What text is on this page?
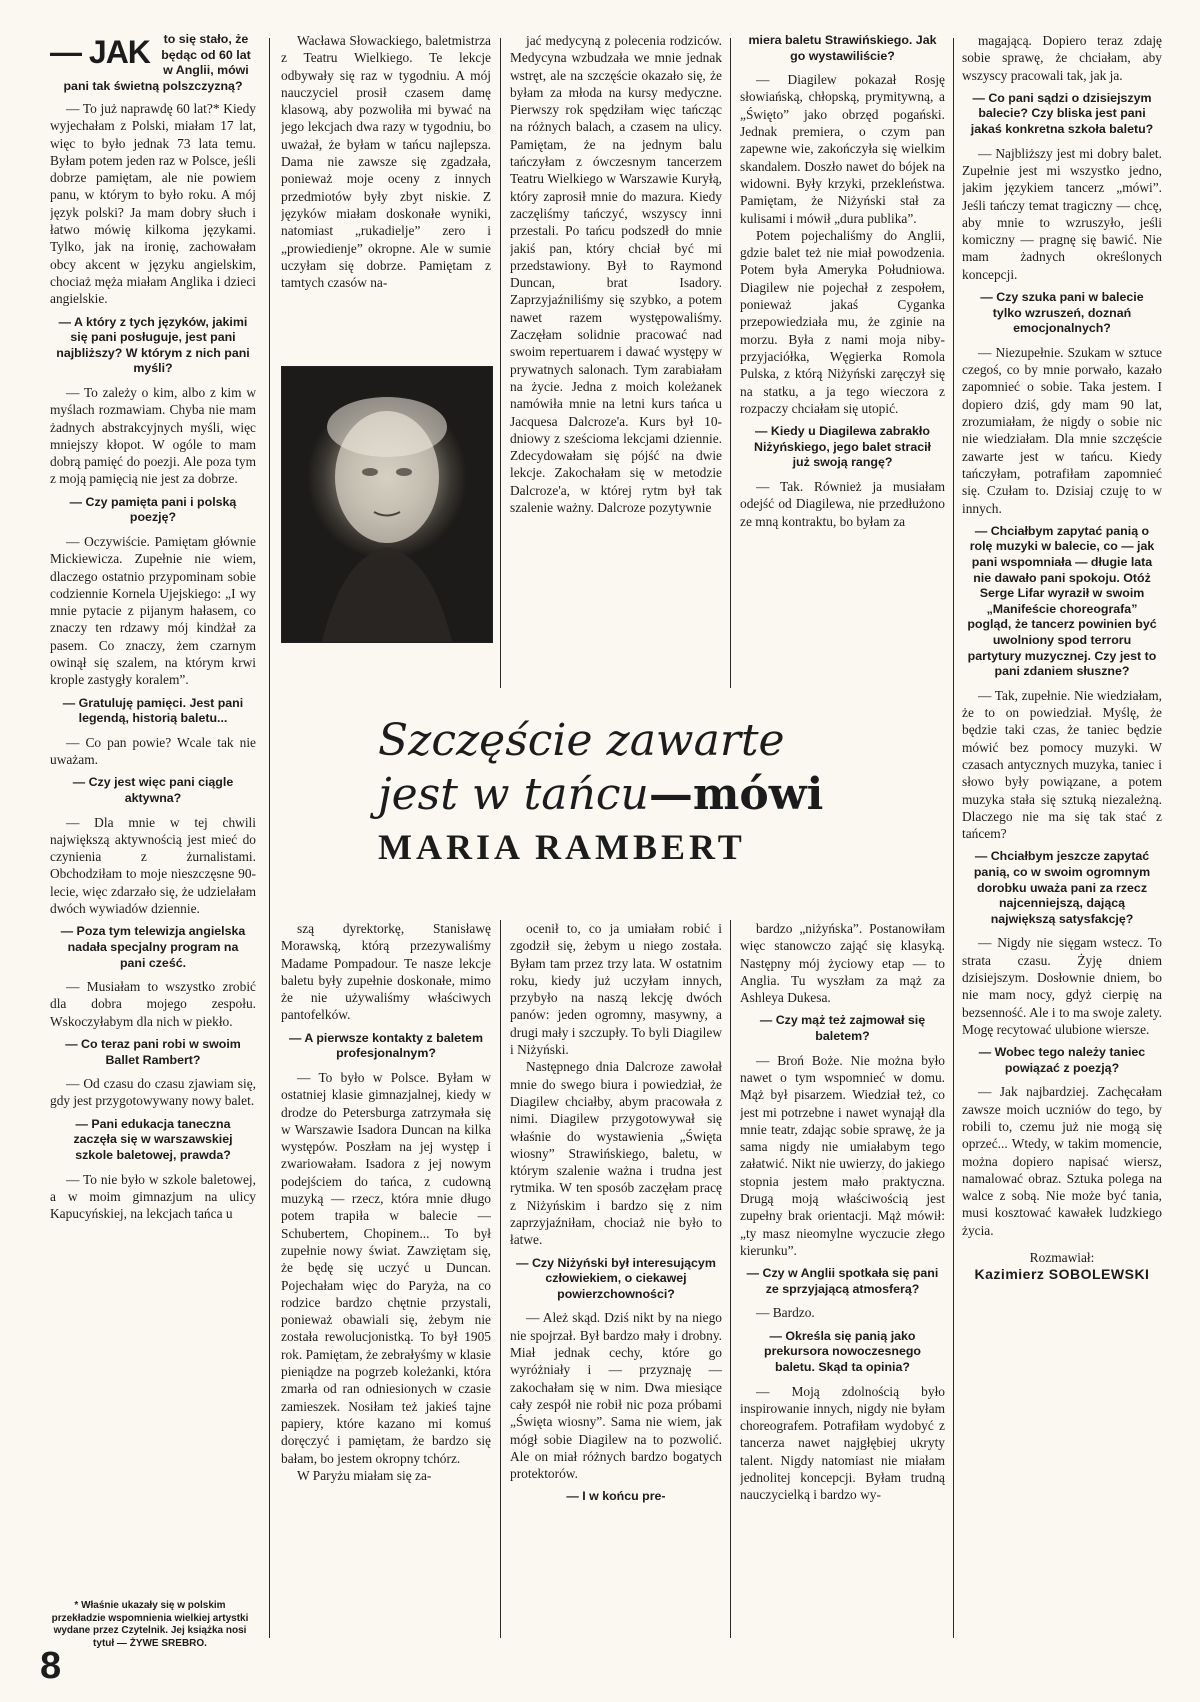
— JAK	to się stało, że będąc od 60 lat w Anglii, mówi pani tak świetną polszczyzną?

— To już naprawdę 60 lat?* Kiedy wyjechałam z Polski, miałam 17 lat, więc to było jednak 73 lata temu. Byłam potem jeden raz w Polsce, jeśli dobrze pamiętam, ale nie powiem panu, w którym to było roku. A mój język polski? Ja mam dobry słuch i łatwo mówię kilkoma językami. Tylko, jak na ironię, zachowałam obcy akcent w języku angielskim, chociaż męża miałam Anglika i dzieci angielskie.

— A który z tych języków, jakimi się pani posługuje, jest pani najbliższy? W którym z nich pani myśli?

— To zależy o kim, albo z kim w myślach rozmawiam. Chyba nie mam żadnych abstrakcyjnych myśli, więc mniejszy kłopot. W ogóle to mam dobrą pamięć do poezji. Ale poza tym z moją pamięcią nie jest za dobrze.

— Czy pamięta pani i polską poezję?

— Oczywiście. Pamiętam głównie Mickiewicza. Zupełnie nie wiem, dlaczego ostatnio przypominam sobie codziennie Kornela Ujejskiego: „I wy mnie pytacie z pijanym hałasem, co znaczy ten rdzawy mój kindżał za pasem. Co znaczy, żem czarnym owinął się szalem, na którym krwi krople zastygły koralem”.

— Gratuluję pamięci. Jest pani legendą, historią baletu...

— Co pan powie? Wcale tak nie uważam.

— Czy jest więc pani ciągle aktywna?

— Dla mnie w tej chwili największą aktywnością jest mieć do czynienia z żurnalistami. Obchodziłam to moje nieszczęsne 90-lecie, więc zdarzało się, że udzielałam dwóch wywiadów dziennie.

— Poza tym telewizja angielska nadała specjalny program na pani cześć.

— Musiałam to wszystko zrobić dla dobra mojego zespołu. Wskoczyłabym dla nich w piekło.

— Co teraz pani robi w swoim Ballet Rambert?

— Od czasu do czasu zjawiam się, gdy jest przygotowywany nowy balet.

— Pani edukacja taneczna zaczęła się w warszawskiej szkole baletowej, prawda?

— To nie było w szkole baletowej, a w moim gimnazjum na ulicy Kapucyńskiej, na lekcjach tańca u

Wacława Słowackiego, baletmistrza z Teatru Wielkiego. Te lekcje odbywały się raz w tygodniu. A mój nauczyciel prosił czasem damę klasową, aby pozwoliła mi bywać na jego lekcjach dwa razy w tygodniu, bo uważał, że byłam w tańcu najlepsza. Dama nie zawsze się zgadzała, ponieważ moje oceny z innych przedmiotów były zbyt niskie. Z języków miałam doskonałe wyniki, natomiast „rukadielje” zero i „prowiedienje” okropne. Ale w sumie uczyłam się dobrze. Pamiętam z tamtych czasów na-

jać medycyną z polecenia rodziców. Medycyna wzbudzała we mnie jednak wstręt, ale na szczęście okazało się, że byłam za młoda na kursy medyczne. Pierwszy rok spędziłam więc tańcząc na różnych balach, a czasem na ulicy. Pamiętam, że na jednym balu tańczyłam z ówczesnym tancerzem Teatru Wielkiego w Warszawie Kuryłą, który zaprosił mnie do mazura. Kiedy zaczęliśmy tańczyć, wszyscy inni przestali. Po tańcu podszedł do mnie jakiś pan, który chciał być mi przedstawiony. Był to Raymond Duncan, brat Isadory. Zaprzyjaźniliśmy się szybko, a potem nawet razem występowaliśmy. Zaczęłam solidnie pracować nad swoim repertuarem i dawać występy w prywatnych salonach. Tym zarabiałam na życie. Jedna z moich koleżanek namówiła mnie na letni kurs tańca u Jacquesa Dalcroze'a. Kurs był 10-dniowy z sześcioma lekcjami dziennie. Zdecydowałam się pójść na dwie lekcje. Zakochałam się w metodzie Dalcroze'a, w której rytm był tak szalenie ważny. Dalcroze pozytywnie

miera baletu Strawińskiego. Jak go wystawiliście?

— Diagilew pokazał Rosję słowiańską, chłopską, prymitywną, a „Święto” jako obrzęd pogański. Jednak premiera, o czym pan zapewne wie, zakończyła się wielkim skandalem. Doszło nawet do bójek na widowni. Były krzyki, przekleństwa. Pamiętam, że Niżyński stał za kulisami i mówił „dura publika”.

Potem pojechaliśmy do Anglii, gdzie balet też nie miał powodzenia. Potem była Ameryka Południowa. Diagilew nie pojechał z zespołem, ponieważ jakaś Cyganka przepowiedziała mu, że zginie na morzu. Była z nami moja niby-przyjaciółka, Węgierka Romola Pulska, z którą Niżyński zaręczył się na statku, a ja tego wieczora z rozpaczy chciałam się utopić.

— Kiedy u Diagilewa zabrakło Niżyńskiego, jego balet stracił już swoją rangę?

— Tak. Również ja musiałam odejść od Diagilewa, nie przedłużono ze mną kontraktu, bo byłam za

magającą. Dopiero teraz zdaję sobie sprawę, że chciałam, aby wszyscy pracowali tak, jak ja.

— Co pani sądzi o dzisiejszym balecie? Czy bliska jest pani jakaś konkretna szkoła baletu?

— Najbliższy jest mi dobry balet. Zupełnie jest mi wszystko jedno, jakim językiem tancerz „mówi”. Jeśli tańczy temat tragiczny — chcę, aby mnie to wzruszyło, jeśli komiczny — pragnę się bawić. Nie mam żadnych określonych koncepcji.

— Czy szuka pani w balecie tylko wzruszeń, doznań emocjonalnych?

— Niezupełnie. Szukam w sztuce czegoś, co by mnie porwało, kazało zapomnieć o sobie. Taka jestem. I dopiero dziś, gdy mam 90 lat, zrozumiałam, że nigdy o sobie nic nie wiedziałam. Dla mnie szczęście zawarte jest w tańcu. Kiedy tańczyłam, potrafiłam zapomnieć się. Czułam to. Dzisiaj czuję to w innych.

— Chciałbym zapytać panią o rolę muzyki w balecie, co — jak pani wspomniała — długie lata nie dawało pani spokoju. Otóż Serge Lifar wyraził w swoim „Manifeście choreografa” pogląd, że tancerz powinien być uwolniony spod terroru partytury muzycznej. Czy jest to pani zdaniem słuszne?

— Tak, zupełnie. Nie wiedziałam, że to on powiedział. Myślę, że będzie taki czas, że taniec będzie mówić bez pomocy muzyki. W czasach antycznych muzyka, taniec i słowo były powiązane, a potem muzyka stała się sztuką niezależną. Dlaczego nie ma się tak stać z tańcem?

— Chciałbym jeszcze zapytać panią, co w swoim ogromnym dorobku uważa pani za rzecz najcenniejszą, dającą największą satysfakcję?

— Nigdy nie sięgam wstecz. To strata czasu. Żyję dniem dzisiejszym. Dosłownie dniem, bo nie mam nocy, gdyż cierpię na bezsenność. Ale i to ma swoje zalety. Mogę recytować ulubione wiersze.

— Wobec tego należy taniec powiązać z poezją?

— Jak najbardziej. Zachęcałam zawsze moich uczniów do tego, by robili to, czemu już nie mogą się oprzeć... Wtedy, w takim momencie, można dopiero napisać wiersz, namalować obraz. Sztuka polega na walce z sobą. Nie może być tania, musi kosztować kawałek ludzkiego życia.

Rozmawiał:
Kazimierz SOBOLEWSKI
Szczęście zawarte
jest w tańcu—mówi
MARIA RAMBERT

szą dyrektorkę, Stanisławę Morawską, którą przezywaliśmy Madame Pompadour. Te nasze lekcje baletu były zupełnie doskonałe, mimo że nie używaliśmy właściwych pantofelków.

— A pierwsze kontakty z baletem profesjonalnym?

— To było w Polsce. Byłam w ostatniej klasie gimnazjalnej, kiedy w drodze do Petersburga zatrzymała się w Warszawie Isadora Duncan na kilka występów. Poszłam na jej występ i zwariowałam. Isadora z jej nowym podejściem do tańca, z cudowną muzyką — rzecz, która mnie długo potem trapiła w balecie — Schubertem, Chopinem... To był zupełnie nowy świat. Zawziętam się, że będę się uczyć u Duncan. Pojechałam więc do Paryża, na co rodzice bardzo chętnie przystali, ponieważ obawiali się, żebym nie została rewolucjonistką. To był 1905 rok. Pamiętam, że zebrałyśmy w klasie pieniądze na pogrzeb koleżanki, która zmarła od ran odniesionych w czasie zamieszek. Nosiłam też jakieś tajne papiery, które kazano mi komuś doręczyć i pamiętam, że bardzo się bałam, bo jestem okropny tchórz.

W Paryżu miałam się za-

ocenił to, co ja umiałam robić i zgodził się, żebym u niego została. Byłam tam przez trzy lata. W ostatnim roku, kiedy już uczyłam innych, przybyło na naszą lekcję dwóch panów: jeden ogromny, masywny, a drugi mały i szczupły. To byli Diagilew i Niżyński.

Następnego dnia Dalcroze zawołał mnie do swego biura i powiedział, że Diagilew chciałby, abym pracowała z nimi. Diagilew przygotowywał się właśnie do wystawienia „Święta wiosny” Strawińskiego, baletu, w którym szalenie ważna i trudna jest rytmika. W ten sposób zaczęłam pracę z Niżyńskim i bardzo się z nim zaprzyjaźniłam, chociaż nie było to łatwe.

— Czy Niżyński był interesującym człowiekiem, o ciekawej powierzchowności?

— Ależ skąd. Dziś nikt by na niego nie spojrzał. Był bardzo mały i drobny. Miał jednak cechy, które go wyróżniały i — przyznaję — zakochałam się w nim. Dwa miesiące cały zespół nie robił nic poza próbami „Święta wiosny”. Sama nie wiem, jak mógł sobie Diagilew na to pozwolić. Ale on miał różnych bardzo bogatych protektorów.

— I w końcu pre-

bardzo „niżyńska”. Postanowiłam więc stanowczo zająć się klasyką. Następny mój życiowy etap — to Anglia. Tu wyszłam za mąż za Ashleya Dukesa.

— Czy mąż też zajmował się baletem?

— Broń Boże. Nie można było nawet o tym wspomnieć w domu. Mąż był pisarzem. Wiedział też, co jest mi potrzebne i nawet wynajął dla mnie teatr, zdając sobie sprawę, że ja sama nigdy nie umiałabym tego załatwić. Nikt nie uwierzy, do jakiego stopnia jestem mało praktyczna. Drugą moją właściwością jest zupełny brak orientacji. Mąż mówił: „ty masz nieomylne wyczucie złego kierunku”.

— Czy w Anglii spotkała się pani ze sprzyjającą atmosferą?

— Bardzo.

— Określa się panią jako prekursora nowoczesnego baletu. Skąd ta opinia?

— Moją zdolnością było inspirowanie innych, nigdy nie byłam choreografem. Potrafiłam wydobyć z tancerza nawet najgłębiej ukryty talent. Nigdy natomiast nie miałam jednolitej koncepcji. Byłam trudną nauczycielką i bardzo wy-

* Właśnie ukazały się w polskim przekładzie wspomnienia wielkiej artystki wydane przez Czytelnik. Jej książka nosi tytuł — ŻYWE SREBRO.
8
